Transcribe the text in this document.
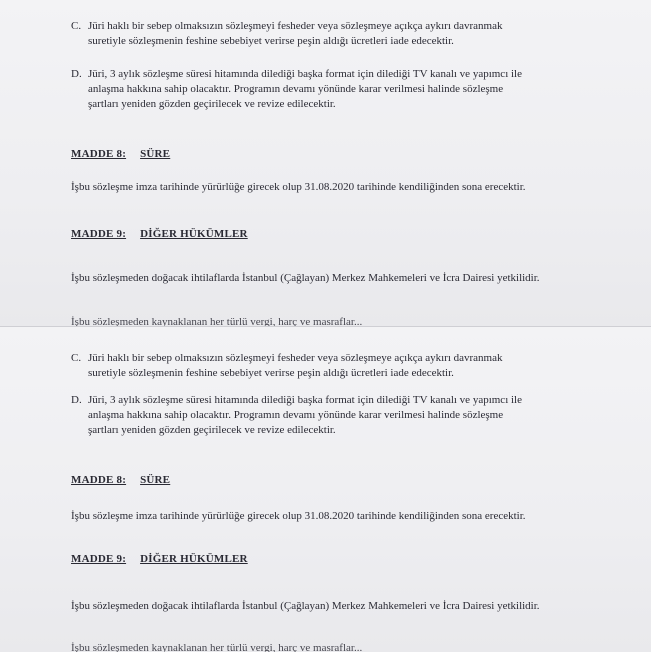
C. Jüri haklı bir sebep olmaksızın sözleşmeyi fesheder veya sözleşmeye açıkça aykırı davranmak
suretiyle sözleşmenin feshine sebebiyet verirse peşin aldığı ücretleri iade edecektir.
D. Jüri, 3 aylık sözleşme süresi hitamında dilediği başka format için dilediği TV kanalı ve yapımcı ile
anlaşma hakkına sahip olacaktır. Programın devamı yönünde karar verilmesi halinde sözleşme
şartları yeniden gözden geçirilecek ve revize edilecektir.
MADDE 8: SÜRE
İşbu sözleşme imza tarihinde yürürlüğe girecek olup 31.08.2020 tarihinde kendiliğinden sona erecektir.
MADDE 9: DİĞER HÜKÜMLER
İşbu sözleşmeden doğacak ihtilaflarda İstanbul (Çağlayan) Merkez Mahkemeleri ve İcra Dairesi yetkilidir.
İşbu sözleşmeden kaynaklanan her türlü vergi, harç ve masraflar...
C. Jüri haklı bir sebep olmaksızın sözleşmeyi fesheder veya sözleşmeye açıkça aykırı davranmak
suretiyle sözleşmenin feshine sebebiyet verirse peşin aldığı ücretleri iade edecektir.
D. Jüri, 3 aylık sözleşme süresi hitamında dilediği başka format için dilediği TV kanalı ve yapımcı ile
anlaşma hakkına sahip olacaktır. Programın devamı yönünde karar verilmesi halinde sözleşme
şartları yeniden gözden geçirilecek ve revize edilecektir.
MADDE 8: SÜRE
İşbu sözleşme imza tarihinde yürürlüğe girecek olup 31.08.2020 tarihinde kendiliğinden sona erecektir.
MADDE 9: DİĞER HÜKÜMLER
İşbu sözleşmeden doğacak ihtilaflarda İstanbul (Çağlayan) Merkez Mahkemeleri ve İcra Dairesi yetkilidir.
İşbu sözleşmeden kaynaklanan her türlü vergi, harç ve masraflar...
